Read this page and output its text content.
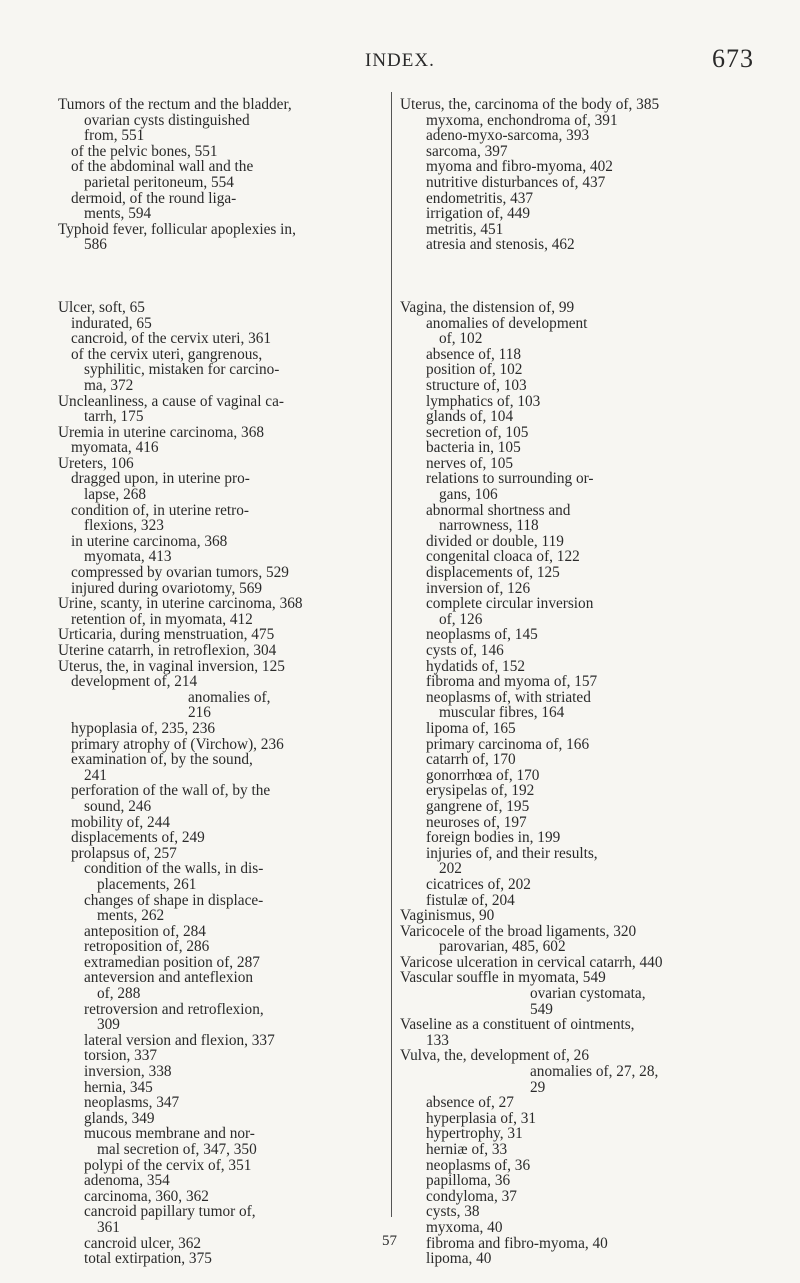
INDEX.	673
Tumors of the rectum and the bladder,
ovarian cysts distinguished
from, 551
of the pelvic bones, 551
of the abdominal wall and the
parietal peritoneum, 554
dermoid, of the round liga-
ments, 594
Typhoid fever, follicular apoplexies in,
586
Ulcer, soft, 65
indurated, 65
cancroid, of the cervix uteri, 361
of the cervix uteri, gangrenous,
syphilitic, mistaken for carcino-
ma, 372
Uncleanliness, a cause of vaginal ca-
tarrh, 175
Uremia in uterine carcinoma, 368
myomata, 416
Ureters, 106
dragged upon, in uterine pro-
lapse, 268
condition of, in uterine retro-
flexions, 323
in uterine carcinoma, 368
myomata, 413
compressed by ovarian tumors, 529
injured during ovariotomy, 569
Urine, scanty, in uterine carcinoma, 368
retention of, in myomata, 412
Urticaria, during menstruation, 475
Uterine catarrh, in retroflexion, 304
Uterus, the, in vaginal inversion, 125
development of, 214
anomalies of,
216
hypoplasia of, 235, 236
primary atrophy of (Virchow), 236
examination of, by the sound,
241
perforation of the wall of, by the
sound, 246
mobility of, 244
displacements of, 249
prolapsus of, 257
condition of the walls, in dis-
placements, 261
changes of shape in displace-
ments, 262
anteposition of, 284
retroposition of, 286
extramedian position of, 287
anteversion and anteflexion
of, 288
retroversion and retroflexion,
309
lateral version and flexion, 337
torsion, 337
inversion, 338
hernia, 345
neoplasms, 347
glands, 349
mucous membrane and nor-
mal secretion of, 347, 350
polypi of the cervix of, 351
adenoma, 354
carcinoma, 360, 362
cancroid papillary tumor of,
361
cancroid ulcer, 362
total extirpation, 375
Uterus, the, carcinoma of the body of, 385
myxoma, enchondroma of, 391
adeno-myxo-sarcoma, 393
sarcoma, 397
myoma and fibro-myoma, 402
nutritive disturbances of, 437
endometritis, 437
irrigation of, 449
metritis, 451
atresia and stenosis, 462
Vagina, the distension of, 99
anomalies of development
of, 102
absence of, 118
position of, 102
structure of, 103
lymphatics of, 103
glands of, 104
secretion of, 105
bacteria in, 105
nerves of, 105
relations to surrounding or-
gans, 106
abnormal shortness and
narrowness, 118
divided or double, 119
congenital cloaca of, 122
displacements of, 125
inversion of, 126
complete circular inversion
of, 126
neoplasms of, 145
cysts of, 146
hydatids of, 152
fibroma and myoma of, 157
neoplasms of, with striated
muscular fibres, 164
lipoma of, 165
primary carcinoma of, 166
catarrh of, 170
gonorrhœa of, 170
erysipelas of, 192
gangrene of, 195
neuroses of, 197
foreign bodies in, 199
injuries of, and their results,
202
cicatrices of, 202
fistulæ of, 204
Vaginismus, 90
Varicocele of the broad ligaments, 320
parovarian, 485, 602
Varicose ulceration in cervical catarrh, 440
Vascular souffle in myomata, 549
ovarian cystomata,
549
Vaseline as a constituent of ointments,
133
Vulva, the, development of, 26
anomalies of, 27, 28,
29
absence of, 27
hyperplasia of, 31
hypertrophy, 31
herniæ of, 33
neoplasms of, 36
papilloma, 36
condyloma, 37
cysts, 38
myxoma, 40
fibroma and fibro-myoma, 40
lipoma, 40
57
